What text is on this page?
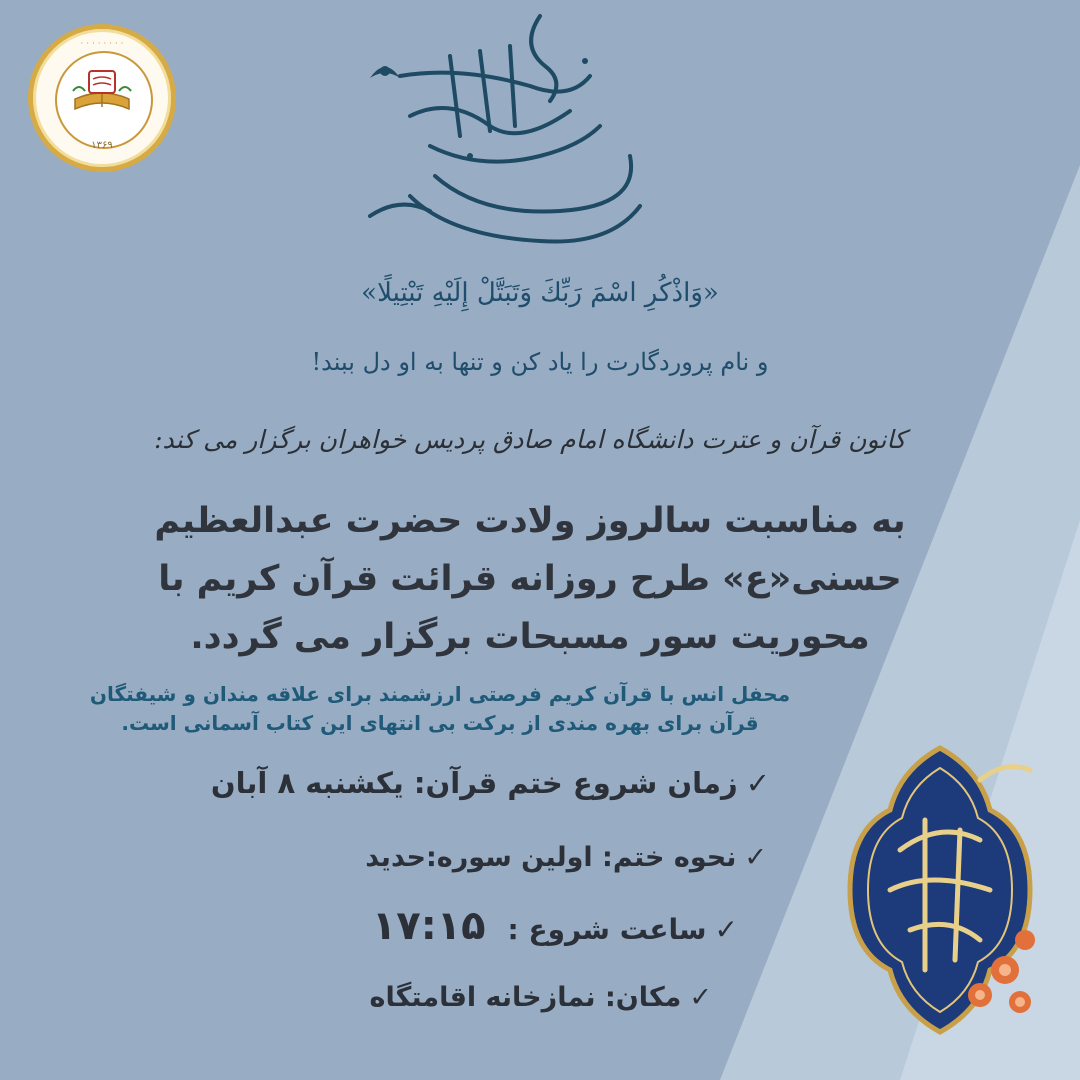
· · · · · · · ·
۱۳۶۹
«وَاذْكُرِ اسْمَ رَبِّكَ وَتَبَتَّلْ إِلَيْهِ تَبْتِيلًا»
و نام پروردگارت را یاد کن و تنها به او دل ببند!
کانون قرآن و عترت دانشگاه امام صادق پردیس خواهران برگزار می کند:

به مناسبت سالروز ولادت حضرت عبدالعظیم

حسنی«ع» طرح روزانه قرائت قرآن کریم با

محوریت سور مسبحات برگزار می گردد.

محفل انس با قرآن کریم فرصتی ارزشمند برای علاقه مندان و شیفتگان

قرآن برای بهره مندی از برکت بی انتهای این کتاب آسمانی است.

✓زمان شروع ختم قرآن: یکشنبه ۸ آبان
✓نحوه ختم: اولین سوره:حدید
✓ساعت شروع :۱۷:۱۵
✓مکان: نمازخانه اقامتگاه
